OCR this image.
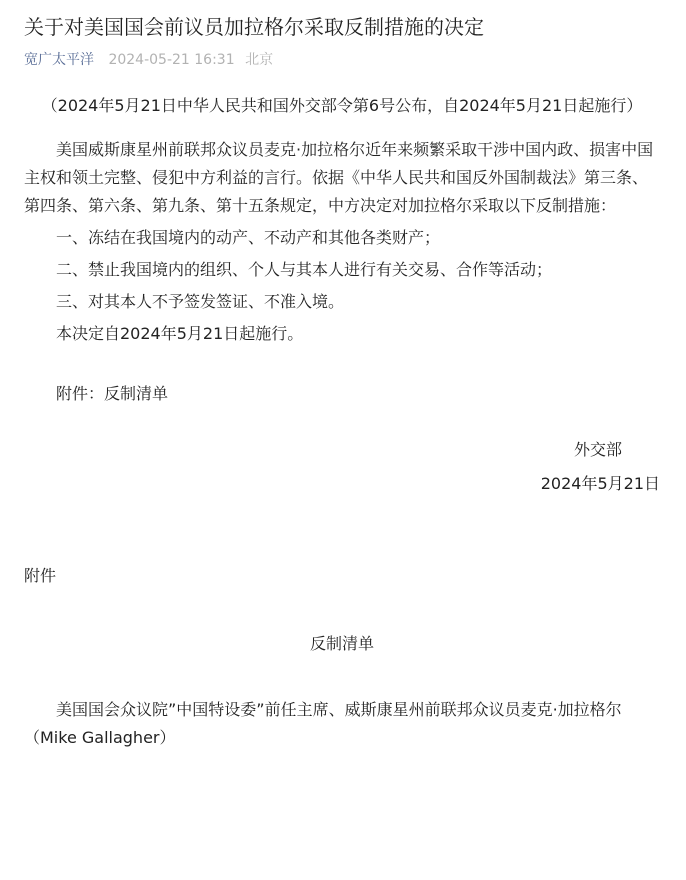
关于对美国国会前议员加拉格尔采取反制措施的决定
宽广太平洋 2024-05-21 16:31 北京
（2024年5月21日中华人民共和国外交部令第6号公布，自2024年5月21日起施行）

美国威斯康星州前联邦众议员麦克·加拉格尔近年来频繁采取干涉中国内政、损害中国主权和领土完整、侵犯中方利益的言行。依据《中华人民共和国反外国制裁法》第三条、第四条、第六条、第九条、第十五条规定，中方决定对加拉格尔采取以下反制措施：

一、冻结在我国境内的动产、不动产和其他各类财产；

二、禁止我国境内的组织、个人与其本人进行有关交易、合作等活动；

三、对其本人不予签发签证、不准入境。

本决定自2024年5月21日起施行。

附件：反制清单

外交部
2024年5月21日
附件
反制清单

美国国会众议院”中国特设委”前任主席、威斯康星州前联邦众议员麦克·加拉格尔（Mike Gallagher）
